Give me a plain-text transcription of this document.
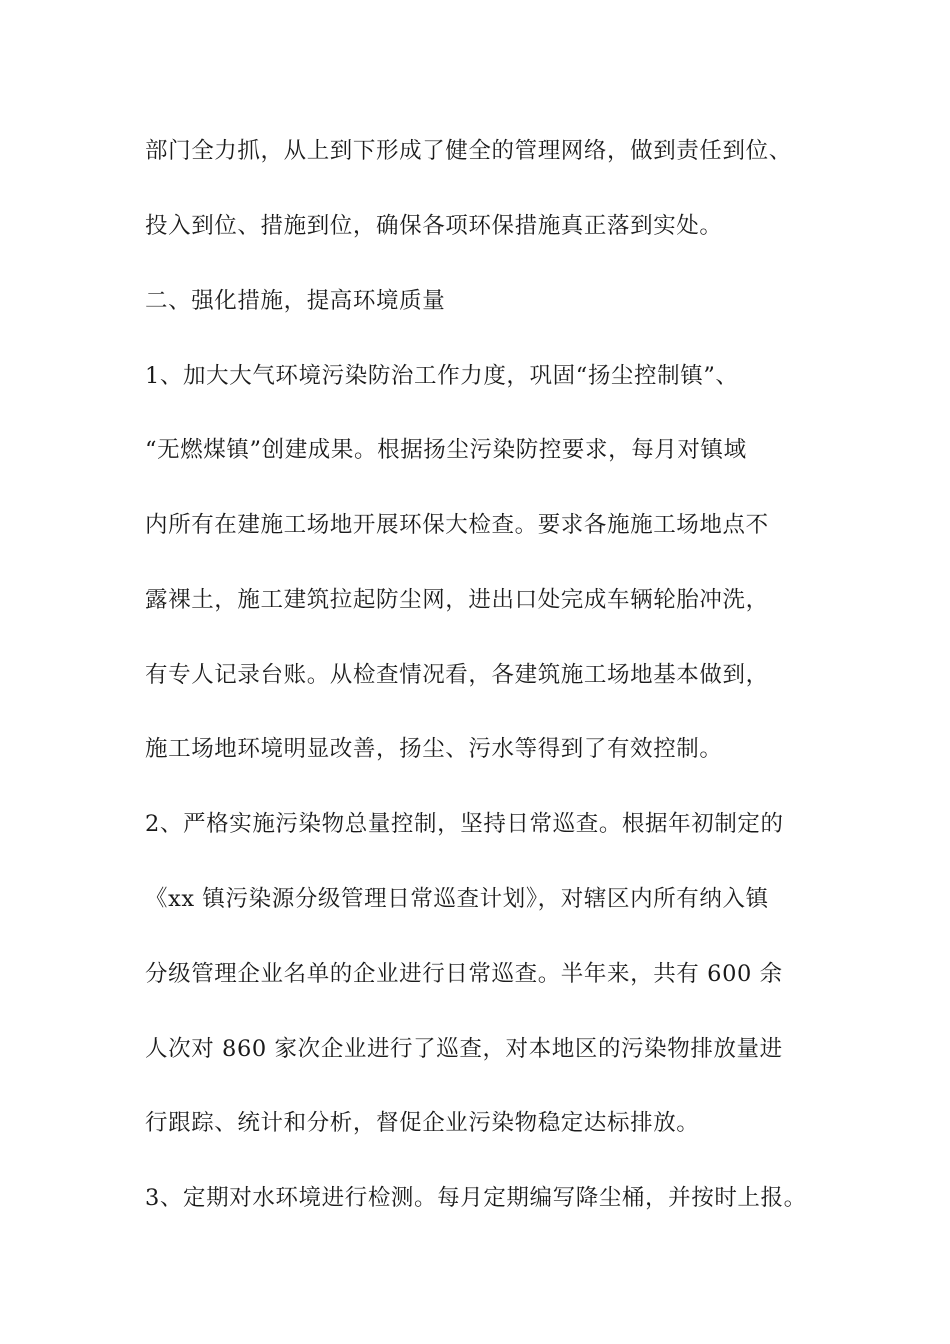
部门全力抓，从上到下形成了健全的管理网络，做到责任到位、
投入到位、措施到位，确保各项环保措施真正落到实处。
二、强化措施，提高环境质量
1、加大大气环境污染防治工作力度，巩固“扬尘控制镇”、
“无燃煤镇”创建成果。根据扬尘污染防控要求，每月对镇域
内所有在建施工场地开展环保大检查。要求各施施工场地点不
露裸土，施工建筑拉起防尘网，进出口处完成车辆轮胎冲洗，
有专人记录台账。从检查情况看，各建筑施工场地基本做到，
施工场地环境明显改善，扬尘、污水等得到了有效控制。
2、严格实施污染物总量控制，坚持日常巡查。根据年初制定的
《xx 镇污染源分级管理日常巡查计划》，对辖区内所有纳入镇
分级管理企业名单的企业进行日常巡查。半年来，共有 600 余
人次对 860 家次企业进行了巡查，对本地区的污染物排放量进
行跟踪、统计和分析，督促企业污染物稳定达标排放。
3、定期对水环境进行检测。每月定期编写降尘桶，并按时上报。
